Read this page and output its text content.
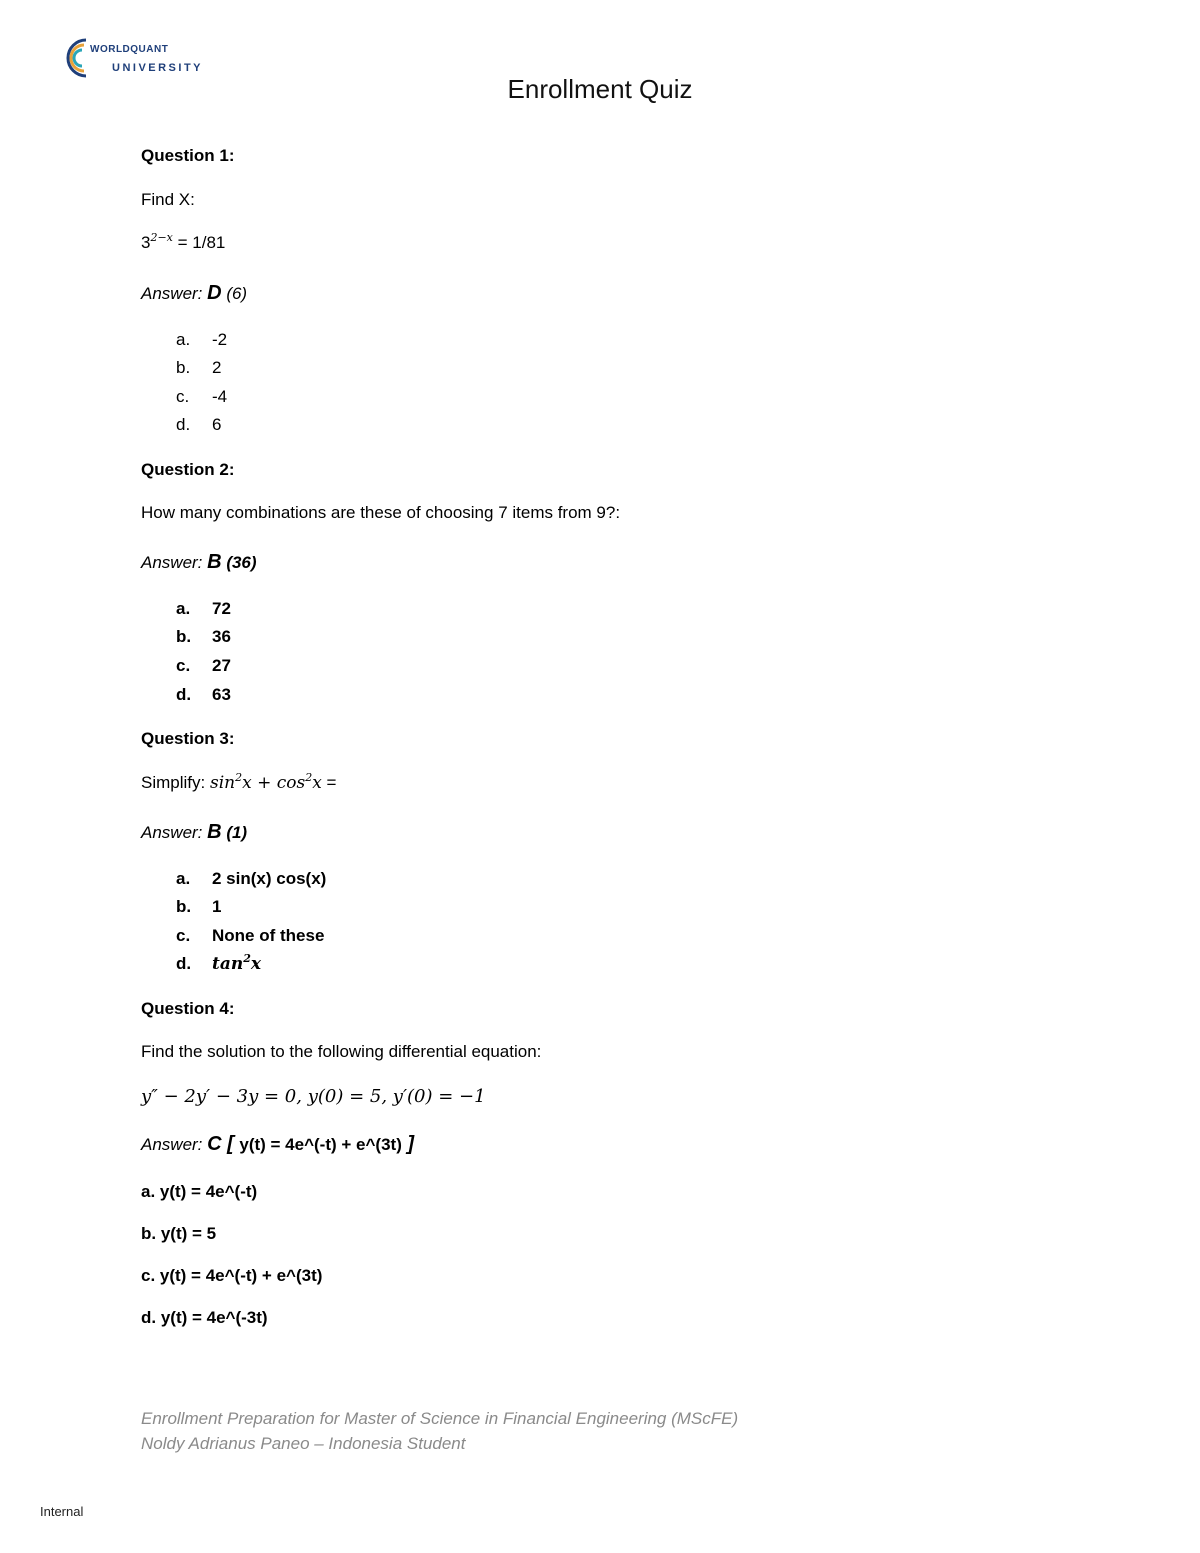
WORLDQUANT
UNIVERSITY
Enrollment Quiz
Question 1:
Find X:
$3^{2-x} = 1/81$
Answer: D (6)
a. -2
b. 2
c. -4
d. 6
Question 2:
How many combinations are these of choosing 7 items from 9?:
Answer: B (36)
a. 72
b. 36
c. 27
d. 63
Question 3:
Simplify: $\sin^2x + \cos^2x$ =
Answer: B (1)
a. 2 sin(x) cos(x)
b. 1
c. None of these
d. $\tan^2x$
Question 4:
Find the solution to the following differential equation:
y″ − 2y′ − 3y = 0, y(0) = 5, y′(0) = −1
Answer: C [ y(t) = 4e^(-t) + e^(3t) ]
a. y(t) = 4e^(-t)
b. y(t) = 5
c. y(t) = 4e^(-t) + e^(3t)
d. y(t) = 4e^(-3t)
Enrollment Preparation for Master of Science in Financial Engineering (MScFE)
Noldy Adrianus Paneo – Indonesia Student
Internal
